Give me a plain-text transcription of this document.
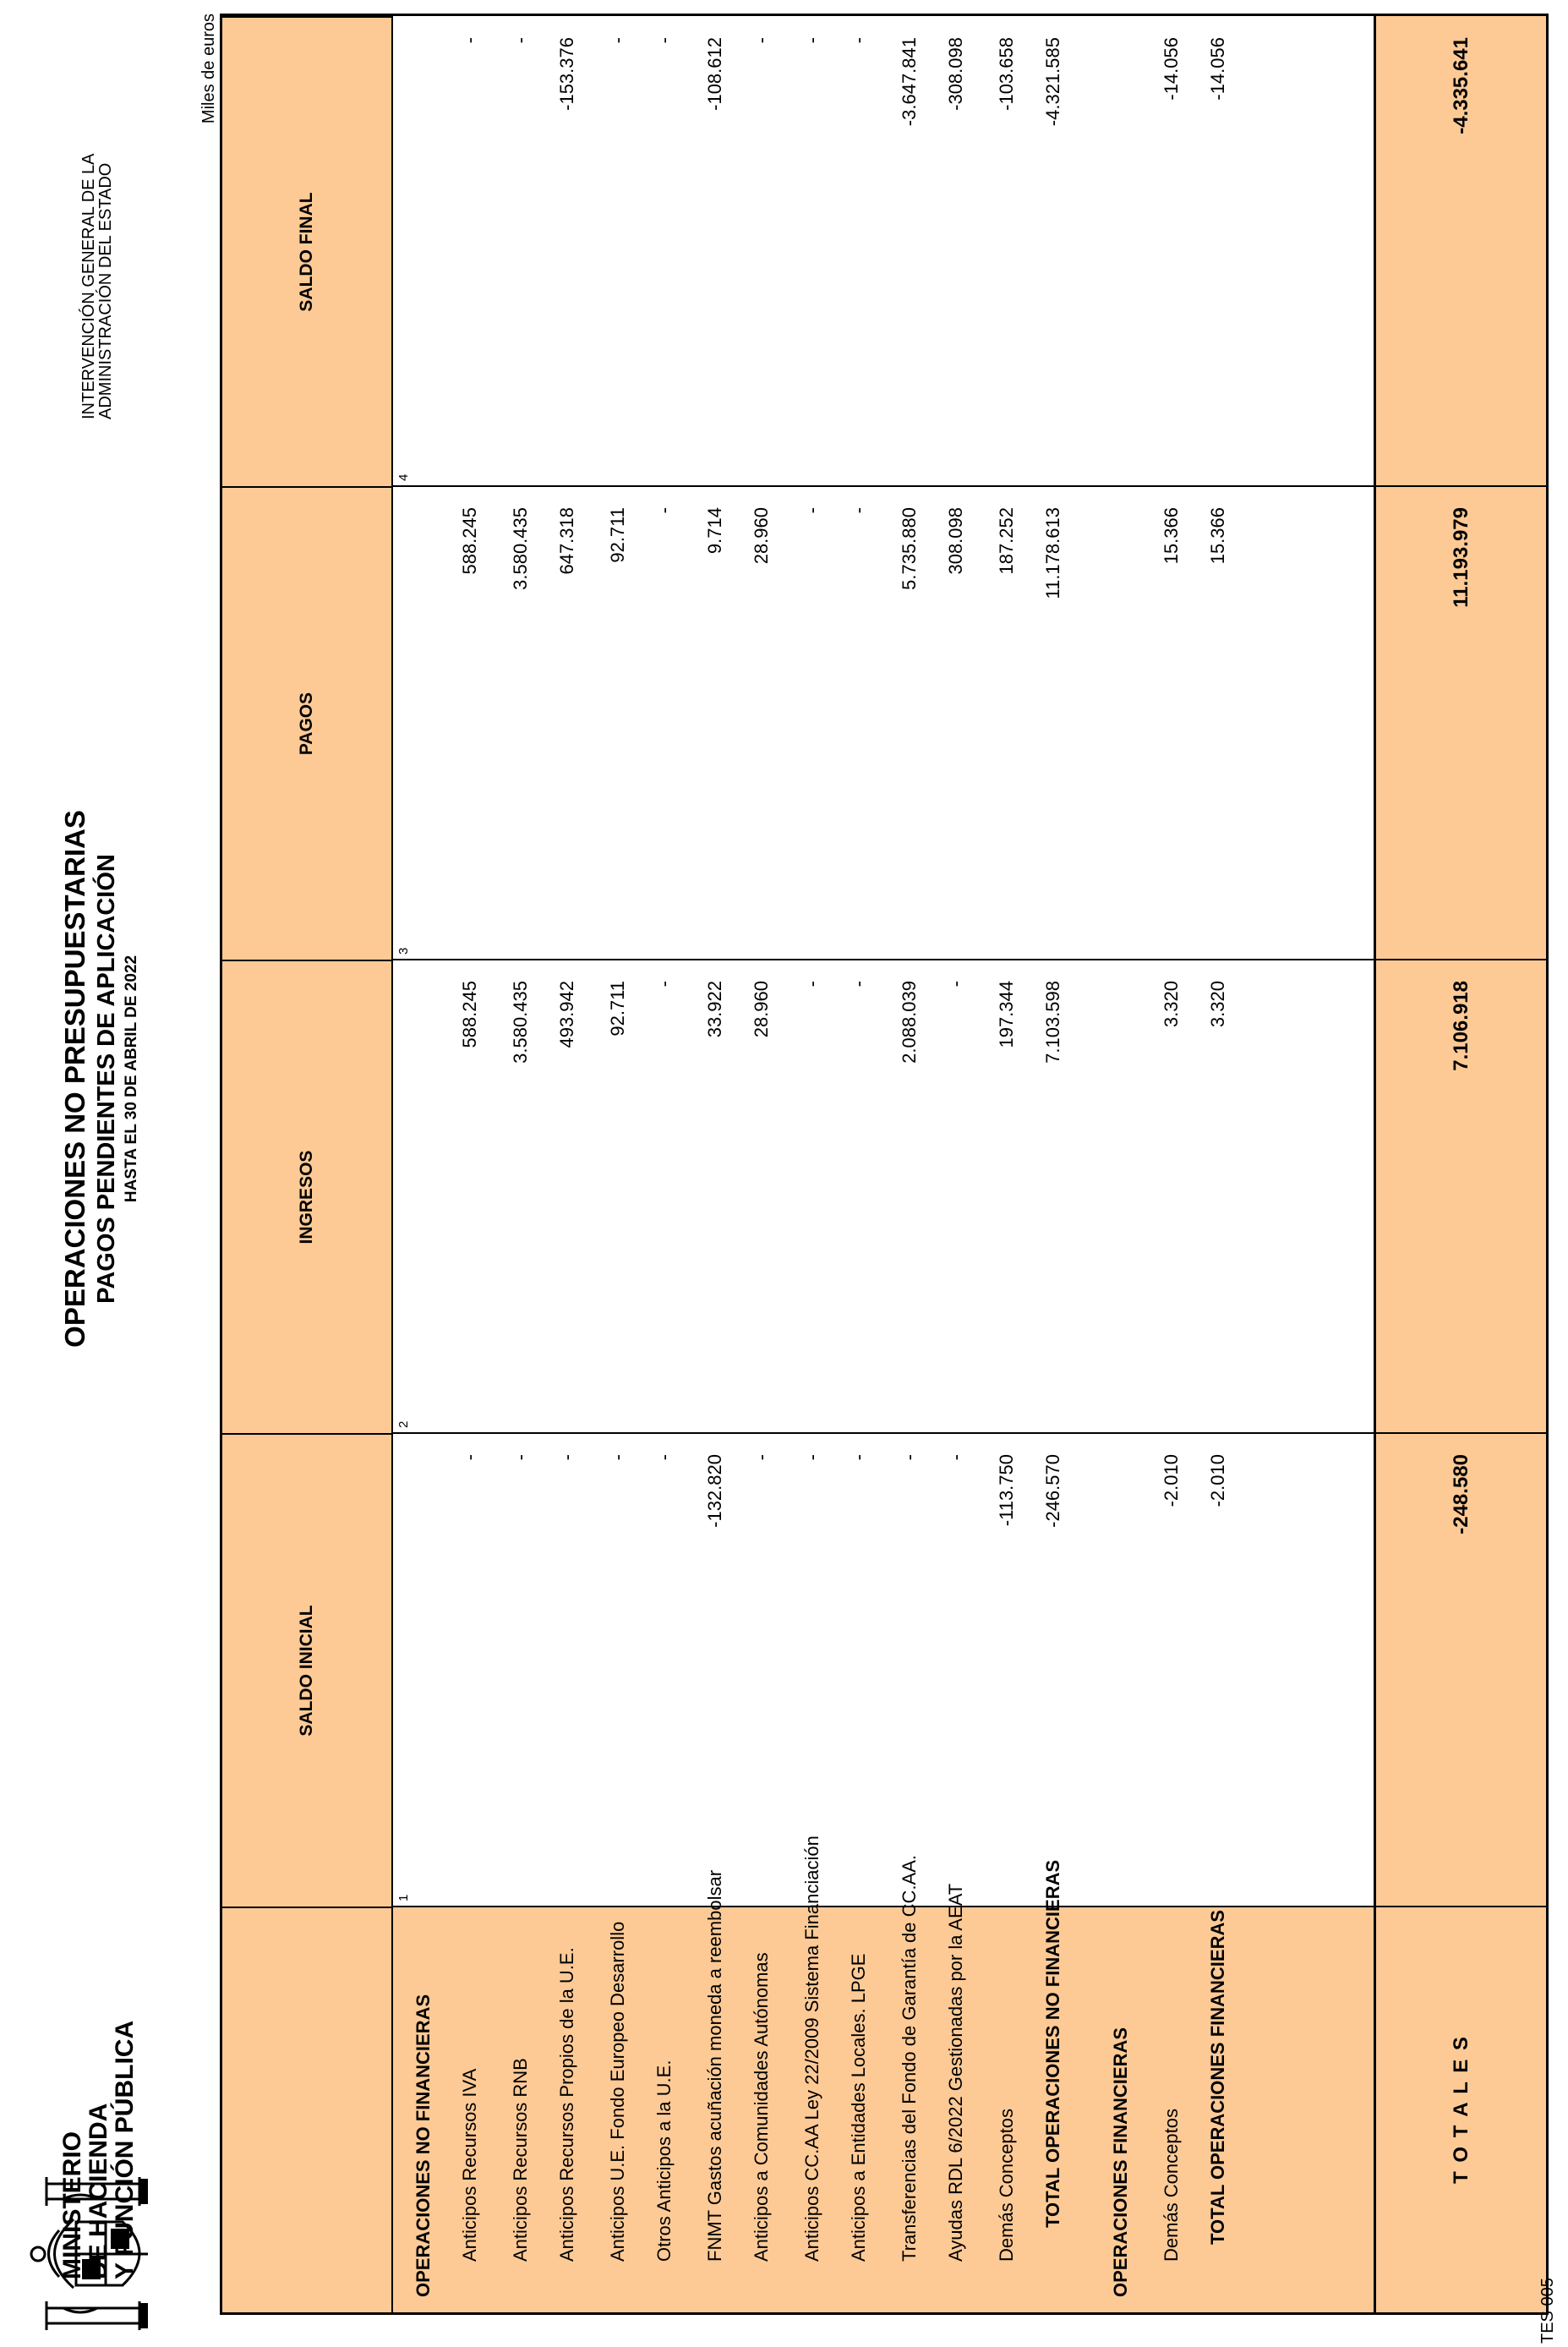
MINISTERIO
DE HACIENDA
Y FUNCIÓN PÚBLICA
OPERACIONES NO PRESUPUESTARIAS PAGOS PENDIENTES DE APLICACIÓN HASTA EL 30 DE ABRIL DE 2022
INTERVENCIÓN GENERAL DE LA
ADMINISTRACIÓN DEL ESTADO
Miles de euros
SALDO INICIAL
INGRESOS
PAGOS
SALDO FINAL
1
2
3
4
OPERACIONES NO FINANCIERAS Anticipos Recursos IVA
-
588.245
588.245
-
Anticipos Recursos RNB
-
3.580.435
3.580.435
-
Anticipos Recursos Propios de la U.E.
-
493.942
647.318
-153.376
Anticipos U.E. Fondo Europeo Desarrollo
-
92.711
92.711
-
Otros Anticipos a la U.E.
-
-
-
-
FNMT Gastos acuñación moneda a reembolsar
-132.820
33.922
9.714
-108.612
Anticipos a Comunidades Autónomas
-
28.960
28.960
-
Anticipos CC.AA Ley 22/2009 Sistema Financiación
-
-
-
-
Anticipos a Entidades Locales. LPGE
-
-
-
-
Transferencias del Fondo de Garantía de CC.AA.
-
2.088.039
5.735.880
-3.647.841
Ayudas RDL 6/2022 Gestionadas por la AEAT
-
-
308.098
-308.098
Demás Conceptos
-113.750
197.344
187.252
-103.658
TOTAL OPERACIONES NO FINANCIERAS
-246.570
7.103.598
11.178.613
-4.321.585
OPERACIONES FINANCIERAS Demás Conceptos
-2.010
3.320
15.366
-14.056
TOTAL OPERACIONES FINANCIERAS
-2.010
3.320
15.366
-14.056
T O T A L E S
-248.580
7.106.918
11.193.979
-4.335.641
TES 005
